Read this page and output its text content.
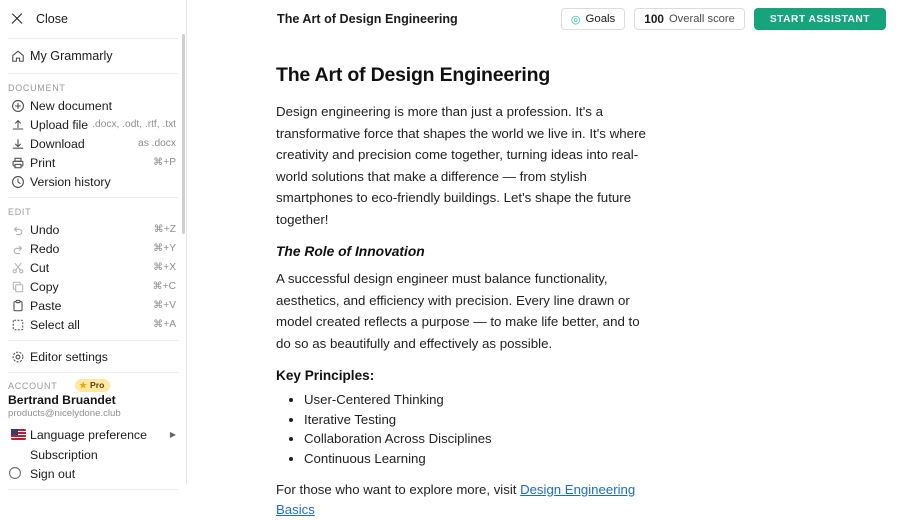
Close
My Grammarly
DOCUMENT
New document
Upload file .docx, .odt, .rtf, .txt
Download	as .docx
Print	⌘+P
Version history
EDIT
Undo	⌘+Z
Redo	⌘+Y
Cut	⌘+X
Copy	⌘+C
Paste	⌘+V
Select all	⌘+A
Editor settings
ACCOUNT	★ Pro
Bertrand Bruandet
products@nicelydone.club
Language preference	▶
Subscription
Sign out
The Art of Design Engineering	◎ Goals 100 Overall score	START ASSISTANT
The Art of Design Engineering

Design engineering is more than just a profession. It's a transformative force that shapes the world we live in. It's where creativity and precision come together, turning ideas into real-world solutions that make a difference — from stylish smartphones to eco-friendly buildings. Let's shape the future together!

The Role of Innovation

A successful design engineer must balance functionality, aesthetics, and efficiency with precision. Every line drawn or model created reflects a purpose — to make life better, and to do so as beautifully and effectively as possible.

Key Principles:
• User-Centered Thinking
• Iterative Testing
• Collaboration Across Disciplines
• Continuous Learning
For those who want to explore more, visit Design Engineering Basics
